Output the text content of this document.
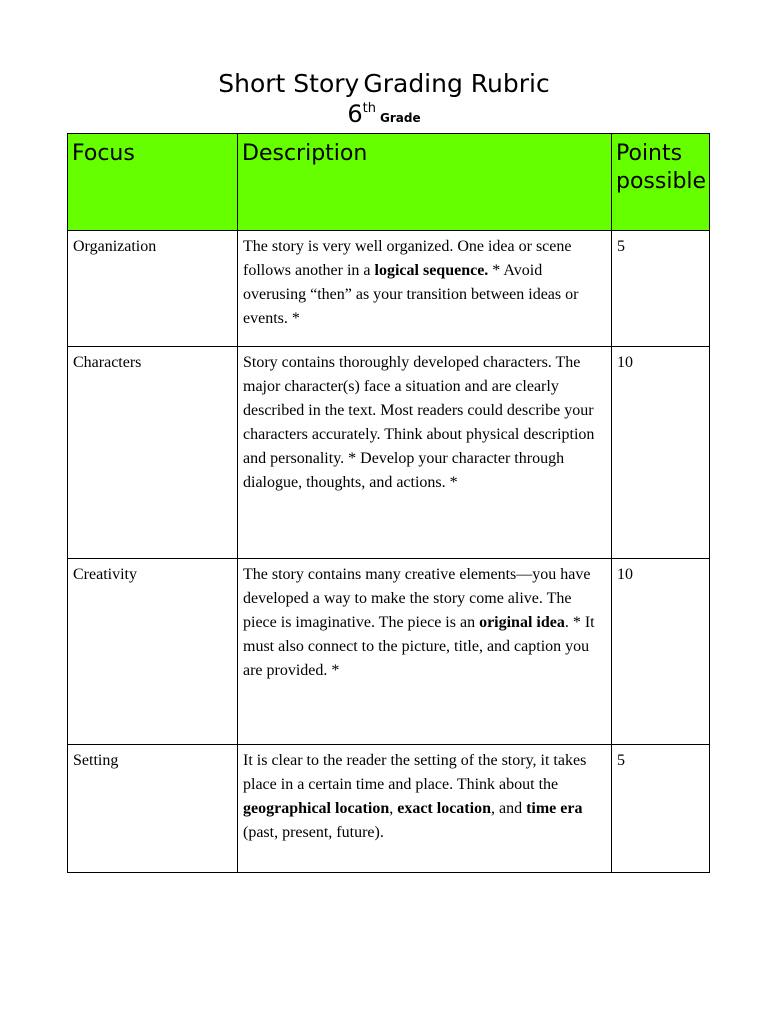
Short Story Grading Rubric
6thGrade
Focus	Description	Points possible

Organization	The story is very well organized. One idea or scene follows another in a logical sequence. * Avoid overusing “then” as your transition between ideas or events. *	5

Characters	Story contains thoroughly developed characters. The major character(s) face a situation and are clearly described in the text. Most readers could describe your characters accurately. Think about physical description and personality. * Develop your character through dialogue, thoughts, and actions. *	10

Creativity	The story contains many creative elements—you have developed a way to make the story come alive. The piece is imaginative. The piece is an original idea. * It must also connect to the picture, title, and caption you are provided. *	10

Setting	It is clear to the reader the setting of the story, it takes place in a certain time and place. Think about the geographical location, exact location, and time era (past, present, future).	5
